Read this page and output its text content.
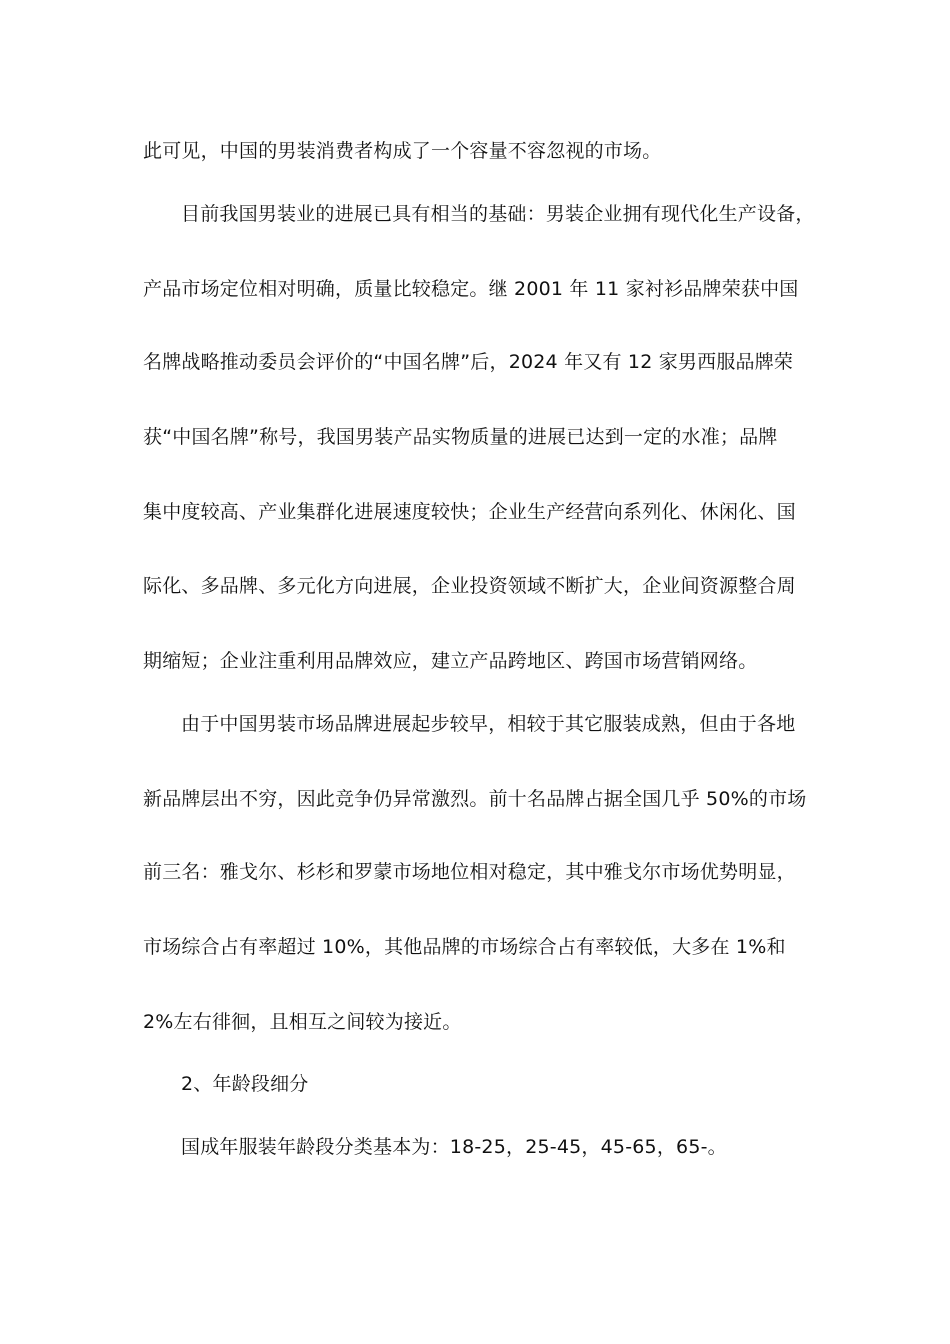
此可见，中国的男装消费者构成了一个容量不容忽视的市场。
目前我国男装业的进展已具有相当的基础：男装企业拥有现代化生产设备，
产品市场定位相对明确，质量比较稳定。继 2001 年 11 家衬衫品牌荣获中国
名牌战略推动委员会评价的“中国名牌”后，2024 年又有 12 家男西服品牌荣
获“中国名牌”称号，我国男装产品实物质量的进展已达到一定的水准；品牌
集中度较高、产业集群化进展速度较快；企业生产经营向系列化、休闲化、国
际化、多品牌、多元化方向进展，企业投资领域不断扩大，企业间资源整合周
期缩短；企业注重利用品牌效应，建立产品跨地区、跨国市场营销网络。
由于中国男装市场品牌进展起步较早，相较于其它服装成熟，但由于各地
新品牌层出不穷，因此竞争仍异常激烈。前十名品牌占据全国几乎 50%的市场
前三名：雅戈尔、杉杉和罗蒙市场地位相对稳定，其中雅戈尔市场优势明显，
市场综合占有率超过 10%，其他品牌的市场综合占有率较低，大多在 1%和
2%左右徘徊，且相互之间较为接近。
2、年龄段细分
国成年服装年龄段分类基本为：18-25，25-45，45-65，65-。
